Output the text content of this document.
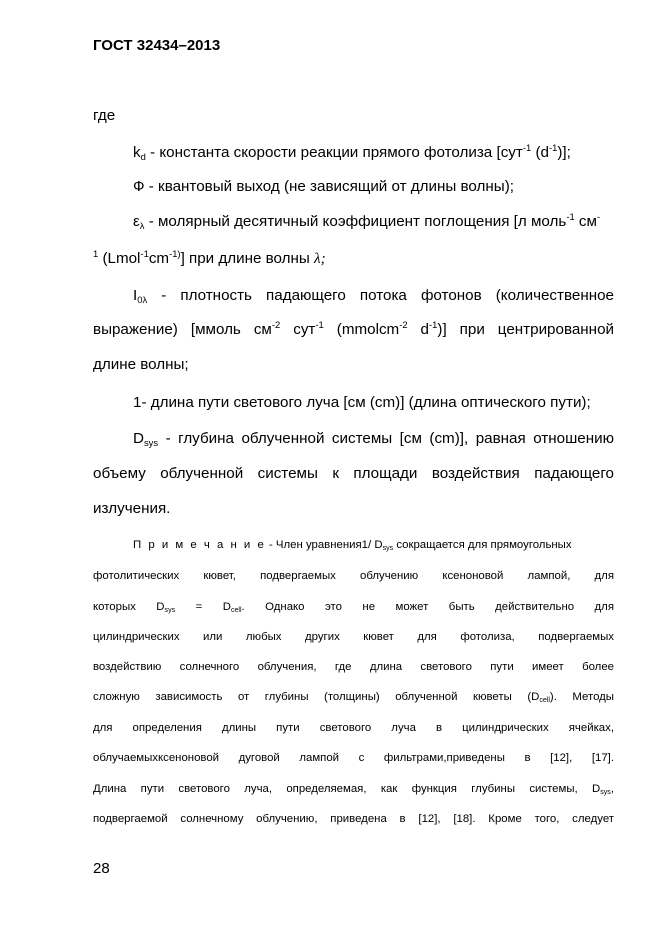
ГОСТ 32434–2013
где
$k_d$ - константа скорости реакции прямого фотолиза [сут$^{-1}$ $(d^{-1})$];
Ф - квантовый выход (не зависящий от длины волны);
$\varepsilon_\lambda$ - молярный десятичный коэффициент поглощения [л моль$^{-1}$ см-
$^1$ $(Lmol^{-1}cm^{-1)}]$ при длине волны λ;
$I_{0\lambda}$ - плотность падающего потока фотонов (количественное
выражение) [ммоль $см^{-2}$ сут$^{-1}$ (mmolcm$^{-2}$ $d^{-1}$)] при центрированной
длине волны;
1- длина пути светового луча [см (cm)] (длина оптического пути);
$D_{sys}$ - глубина облученной системы [см (cm)], равная отношению
объему облученной системы к площади воздействия падающего
излучения.
П р и м е ч а н и е - Член уравнения1/ $D_{sys}$ сокращается для прямоугольных
фотолитических кювет, подвергаемых облучению ксеноновой лампой, для
которых $D_{sys} = D_{cell}$. Однако это не может быть действительно для
цилиндрических или любых других кювет для фотолиза, подвергаемых
воздействию солнечного облучения, где длина светового пути имеет более
сложную зависимость от глубины (толщины) облученной кюветы $(D_{cell})$. Методы
для определения длины пути светового луча в цилиндрических ячейках,
облучаемыхксеноновой дуговой лампой с фильтрами,приведены в [12], [17].
Длина пути светового луча, определяемая, как функция глубины системы, $D_{sys}$,
подвергаемой солнечному облучению, приведена в [12], [18]. Кроме того, следует
28
